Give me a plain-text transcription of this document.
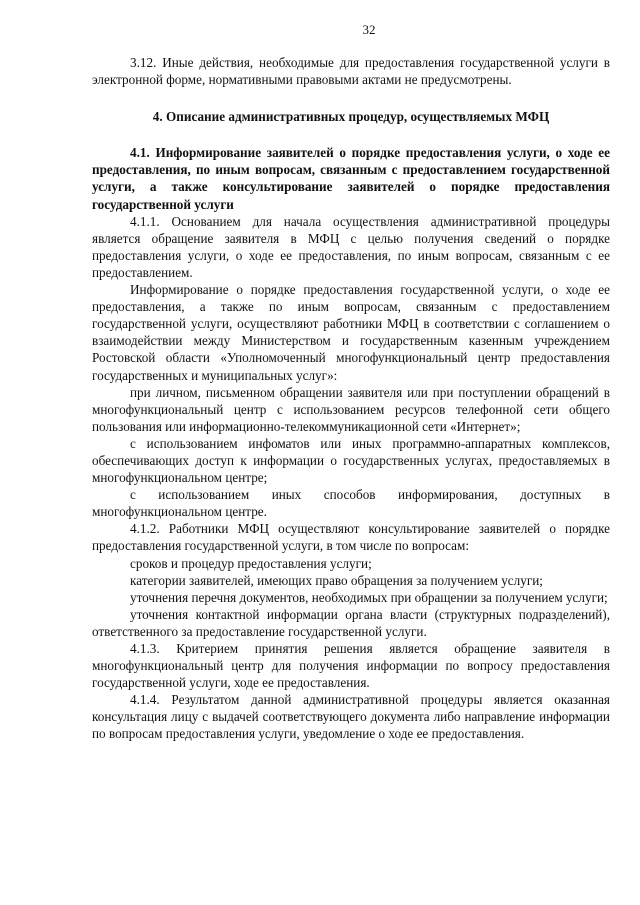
32

3.12. Иные действия, необходимые для предоставления государственной услуги в электронной форме, нормативными правовыми актами не предусмотрены.

4. Описание административных процедур, осуществляемых МФЦ

4.1. Информирование заявителей о порядке предоставления услуги, о ходе ее предоставления, по иным вопросам, связанным с предоставлением государственной услуги, а также консультирование заявителей о порядке предоставления государственной услуги

4.1.1. Основанием для начала осуществления административной процедуры является обращение заявителя в МФЦ с целью получения сведений о порядке предоставления услуги, о ходе ее предоставления, по иным вопросам, связанным с ее предоставлением.

Информирование о порядке предоставления государственной услуги, о ходе ее предоставления, а также по иным вопросам, связанным с предоставлением государственной услуги, осуществляют работники МФЦ в соответствии с соглашением о взаимодействии между Министерством и государственным казенным учреждением Ростовской области «Уполномоченный многофункциональный центр предоставления государственных и муниципальных услуг»:

при личном, письменном обращении заявителя или при поступлении обращений в многофункциональный центр с использованием ресурсов телефонной сети общего пользования или информационно-телекоммуникационной сети «Интернет»;

с использованием инфоматов или иных программно-аппаратных комплексов, обеспечивающих доступ к информации о государственных услугах, предоставляемых в многофункциональном центре;

с использованием иных способов информирования, доступных в многофункциональном центре.

4.1.2. Работники МФЦ осуществляют консультирование заявителей о порядке предоставления государственной услуги, в том числе по вопросам:

сроков и процедур предоставления услуги;

категории заявителей, имеющих право обращения за получением услуги;

уточнения перечня документов, необходимых при обращении за получением услуги;

уточнения контактной информации органа власти (структурных подразделений), ответственного за предоставление государственной услуги.

4.1.3. Критерием принятия решения является обращение заявителя в многофункциональный центр для получения информации по вопросу предоставления государственной услуги, ходе ее предоставления.

4.1.4. Результатом данной административной процедуры является оказанная консультация лицу с выдачей соответствующего документа либо направление информации по вопросам предоставления услуги, уведомление о ходе ее предоставления.
